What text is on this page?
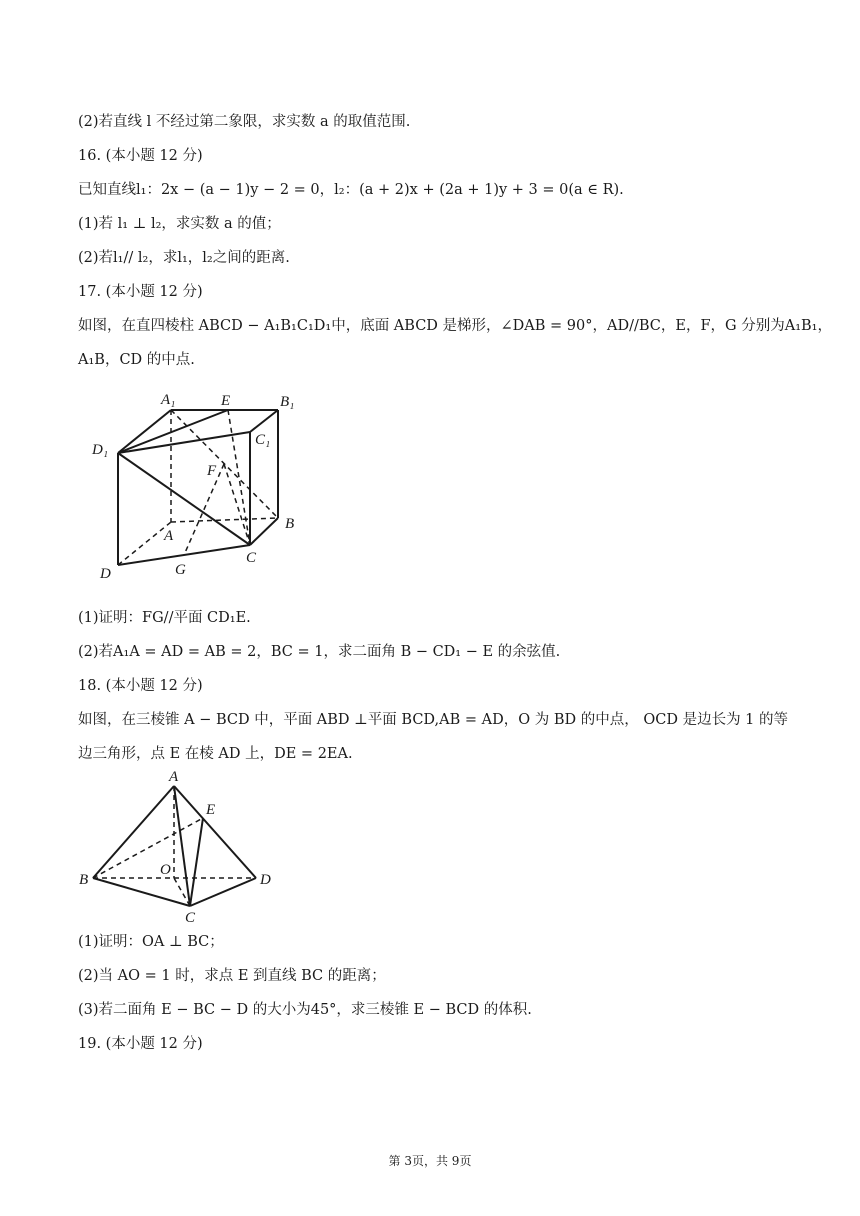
(2)若直线 l 不经过第二象限，求实数 a 的取值范围.
16. (本小题 12 分)
已知直线l₁：2x − (a − 1)y − 2 = 0，l₂：(a + 2)x + (2a + 1)y + 3 = 0(a ∈ R).
(1)若 l₁ ⊥ l₂，求实数 a 的值；
(2)若l₁// l₂，求l₁，l₂之间的距离.
17. (本小题 12 分)
如图，在直四棱柱 ABCD − A₁B₁C₁D₁中，底面 ABCD 是梯形，∠DAB = 90°，AD//BC，E，F，G 分别为A₁B₁，
A₁B，CD 的中点.
A₁	E	B₁
C₁
D₁
F
B
A
C
D	G
(1)证明：FG//平面 CD₁E.
(2)若A₁A = AD = AB = 2，BC = 1，求二面角 B − CD₁ − E 的余弦值.
18. (本小题 12 分)
如图，在三棱锥 A − BCD 中，平面 ABD ⊥平面 BCD,AB = AD，O 为 BD 的中点， OCD 是边长为 1 的等
边三角形，点 E 在棱 AD 上，DE = 2EA.
A
E
B
O
D
C
(1)证明：OA ⊥ BC；
(2)当 AO = 1 时，求点 E 到直线 BC 的距离；
(3)若二面角 E − BC − D 的大小为45°，求三棱锥 E − BCD 的体积.
19. (本小题 12 分)
第 3页，共 9页
